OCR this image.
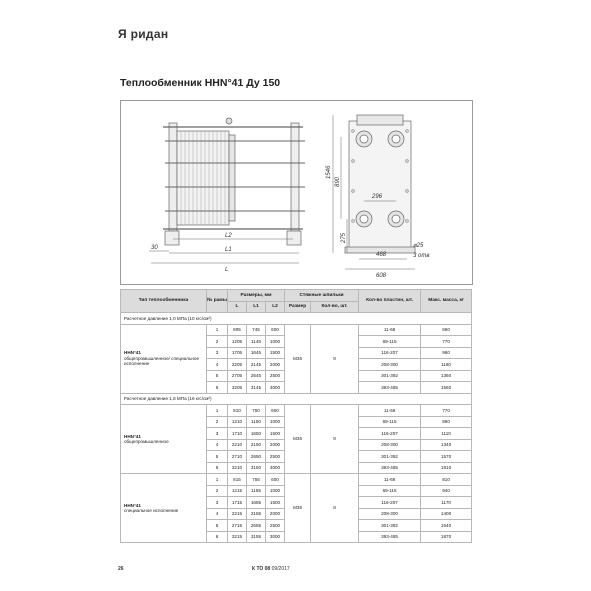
Я ридан
Теплообменник ННN°41 Ду 150
L2
L1
L
30
1546
890
296
275
468
608
⌀25
3 отв
Тип теплообменника	№ рамы	Размеры, мм			Стяжные шпильки		Кол-во пластин, шт.	Макс. масса, кг
		L	L1	L2	Размер	Кол-во, шт.		
Расчетное давление 1,0 МПа (10 кгс/см²)								

HHN°41
общепромышленное/ специальное исполнение	1	805	745	600	M36	8	11-68	660
	2	1205	1145	1000			69-115	770
	3	1705	1645	1500			116-207	960
	4	2205	2145	2000			208-300	1160
	5	2705	2645	2500			301-392	1360
	6	3205	3145	3000			393-485	1560
Расчетное давление 1,6 МПа (16 кгс/см²)								

HHN°41
общепромышленное	1	810	750	600	M36	8	11-68	770
	2	1210	1150	1000			69-115	880
	3	1710	1650	1500			116-207	1110
	4	2210	2150	2000			208-300	1340
	5	2710	2650	2500			301-392	1570
	6	3210	3150	3000			393-485	1810

HHN°41
специальное исполнение	1	815	755	600	M36	8	11-68	810
	2	1215	1155	1000			69-115	940
	3	1715	1655	1500			116-207	1170
	4	2215	2155	2000			208-300	1400
	5	2715	2655	2500			301-392	1640
	6	3215	3155	3000			393-485	1870
26	К ТО 08 09/2017
